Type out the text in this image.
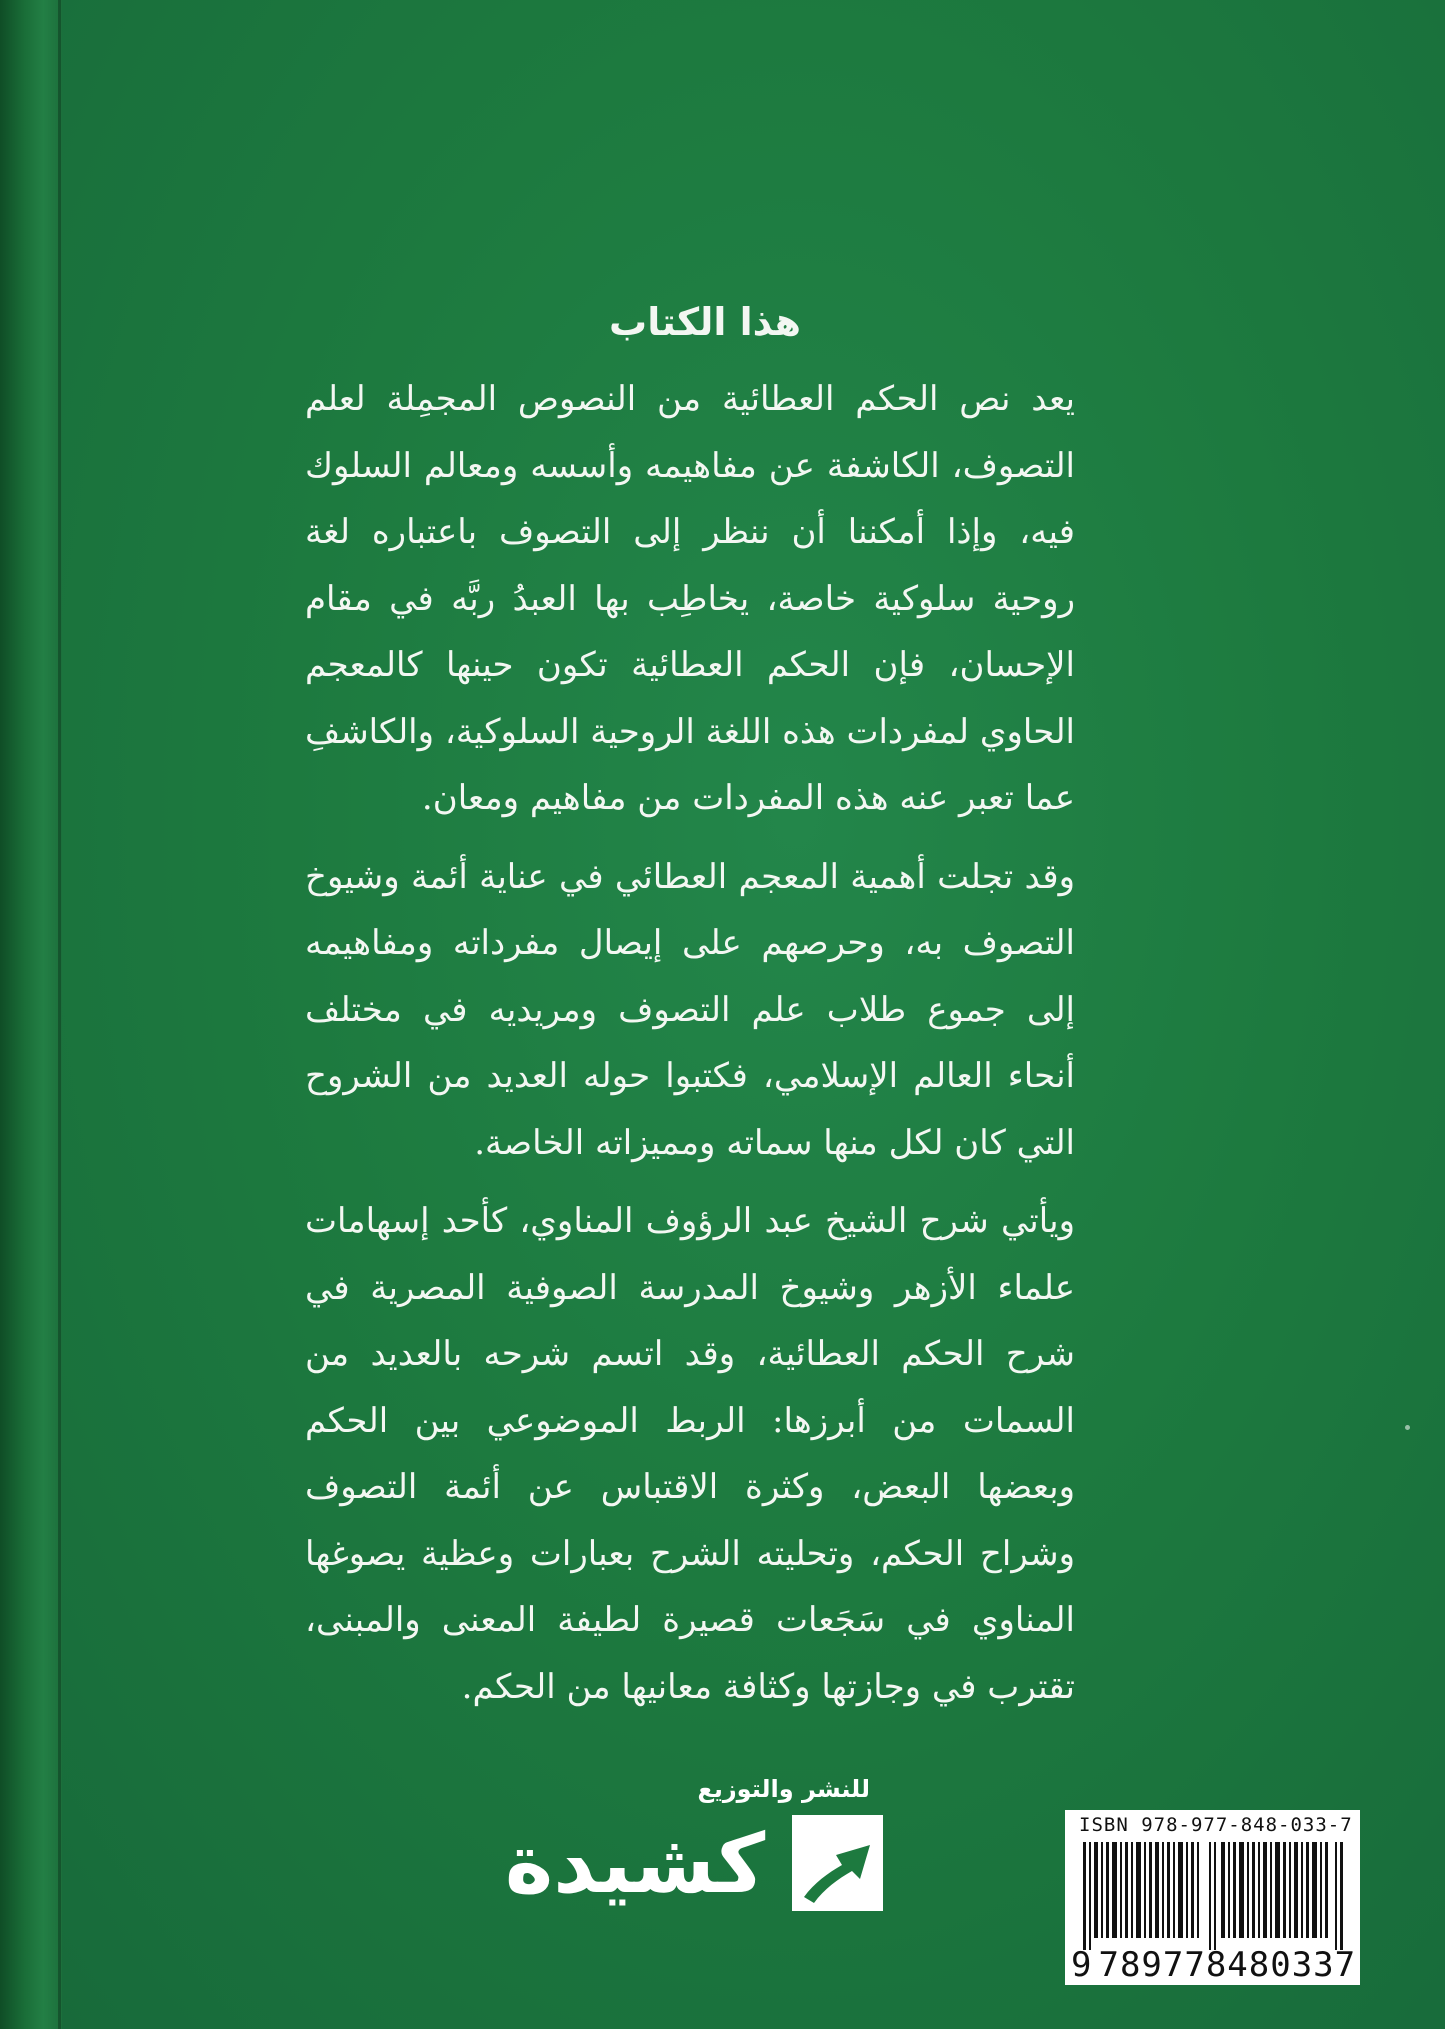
هذا الكتاب

يعد نص الحكم العطائية من النصوص المجمِلة لعلم التصوف، الكاشفة عن مفاهيمه وأسسه ومعالم السلوك فيه، وإذا أمكننا أن ننظر إلى التصوف باعتباره لغة روحية سلوكية خاصة، يخاطِب بها العبدُ ربَّه في مقام الإحسان، فإن الحكم العطائية تكون حينها كالمعجم الحاوي لمفردات هذه اللغة الروحية السلوكية، والكاشفِ عما تعبر عنه هذه المفردات من مفاهيم ومعان.

وقد تجلت أهمية المعجم العطائي في عناية أئمة وشيوخ التصوف به، وحرصهم على إيصال مفرداته ومفاهيمه إلى جموع طلاب علم التصوف ومريديه في مختلف أنحاء العالم الإسلامي، فكتبوا حوله العديد من الشروح التي كان لكل منها سماته ومميزاته الخاصة.

ويأتي شرح الشيخ عبد الرؤوف المناوي، كأحد إسهامات علماء الأزهر وشيوخ المدرسة الصوفية المصرية في شرح الحكم العطائية، وقد اتسم شرحه بالعديد من السمات من أبرزها: الربط الموضوعي بين الحكم وبعضها البعض، وكثرة الاقتباس عن أئمة التصوف وشراح الحكم، وتحليته الشرح بعبارات وعظية يصوغها المناوي في سَجَعات قصيرة لطيفة المعنى والمبنى، تقترب في وجازتها وكثافة معانيها من الحكم.

للنشر والتوزيع
كشيدة	ISBN 978-977-848-033-7
9 789778480337
